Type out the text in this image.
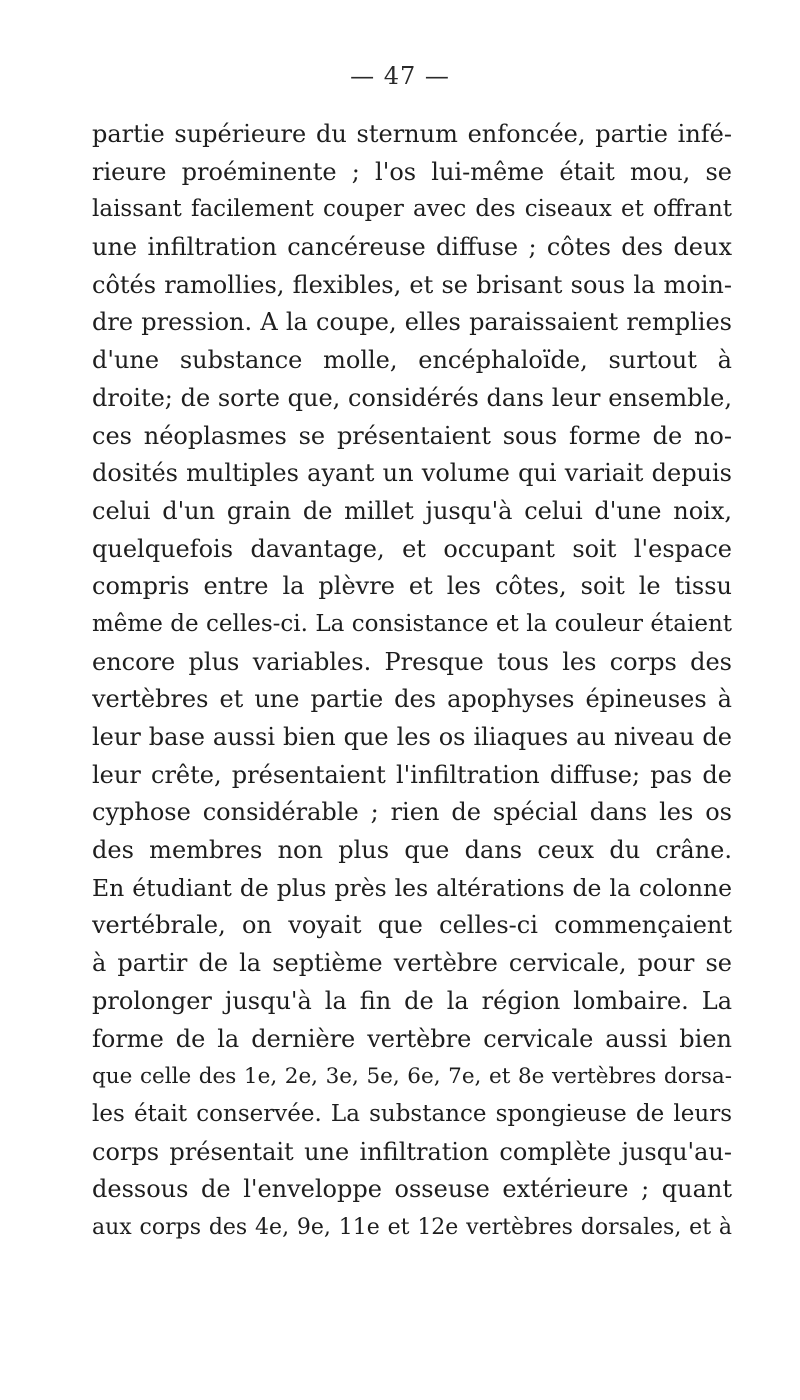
— 47 —
partie supérieure du sternum enfoncée, partie infé-
rieure proéminente ; l'os lui-même était mou, se
laissant facilement couper avec des ciseaux et offrant
une infiltration cancéreuse diffuse ; côtes des deux
côtés ramollies, flexibles, et se brisant sous la moin-
dre pression. A la coupe, elles paraissaient remplies
d'une substance molle, encéphaloïde, surtout à
droite; de sorte que, considérés dans leur ensemble,
ces néoplasmes se présentaient sous forme de no-
dosités multiples ayant un volume qui variait depuis
celui d'un grain de millet jusqu'à celui d'une noix,
quelquefois davantage, et occupant soit l'espace
compris entre la plèvre et les côtes, soit le tissu
même de celles-ci. La consistance et la couleur étaient
encore plus variables. Presque tous les corps des
vertèbres et une partie des apophyses épineuses à
leur base aussi bien que les os iliaques au niveau de
leur crête, présentaient l'infiltration diffuse; pas de
cyphose considérable ; rien de spécial dans les os
des membres non plus que dans ceux du crâne.
En étudiant de plus près les altérations de la colonne
vertébrale, on voyait que celles-ci commençaient
à partir de la septième vertèbre cervicale, pour se
prolonger jusqu'à la fin de la région lombaire. La
forme de la dernière vertèbre cervicale aussi bien
que celle des 1e, 2e, 3e, 5e, 6e, 7e, et 8e vertèbres dorsa-
les était conservée. La substance spongieuse de leurs
corps présentait une infiltration complète jusqu'au-
dessous de l'enveloppe osseuse extérieure ; quant
aux corps des 4e, 9e, 11e et 12e vertèbres dorsales, et à
